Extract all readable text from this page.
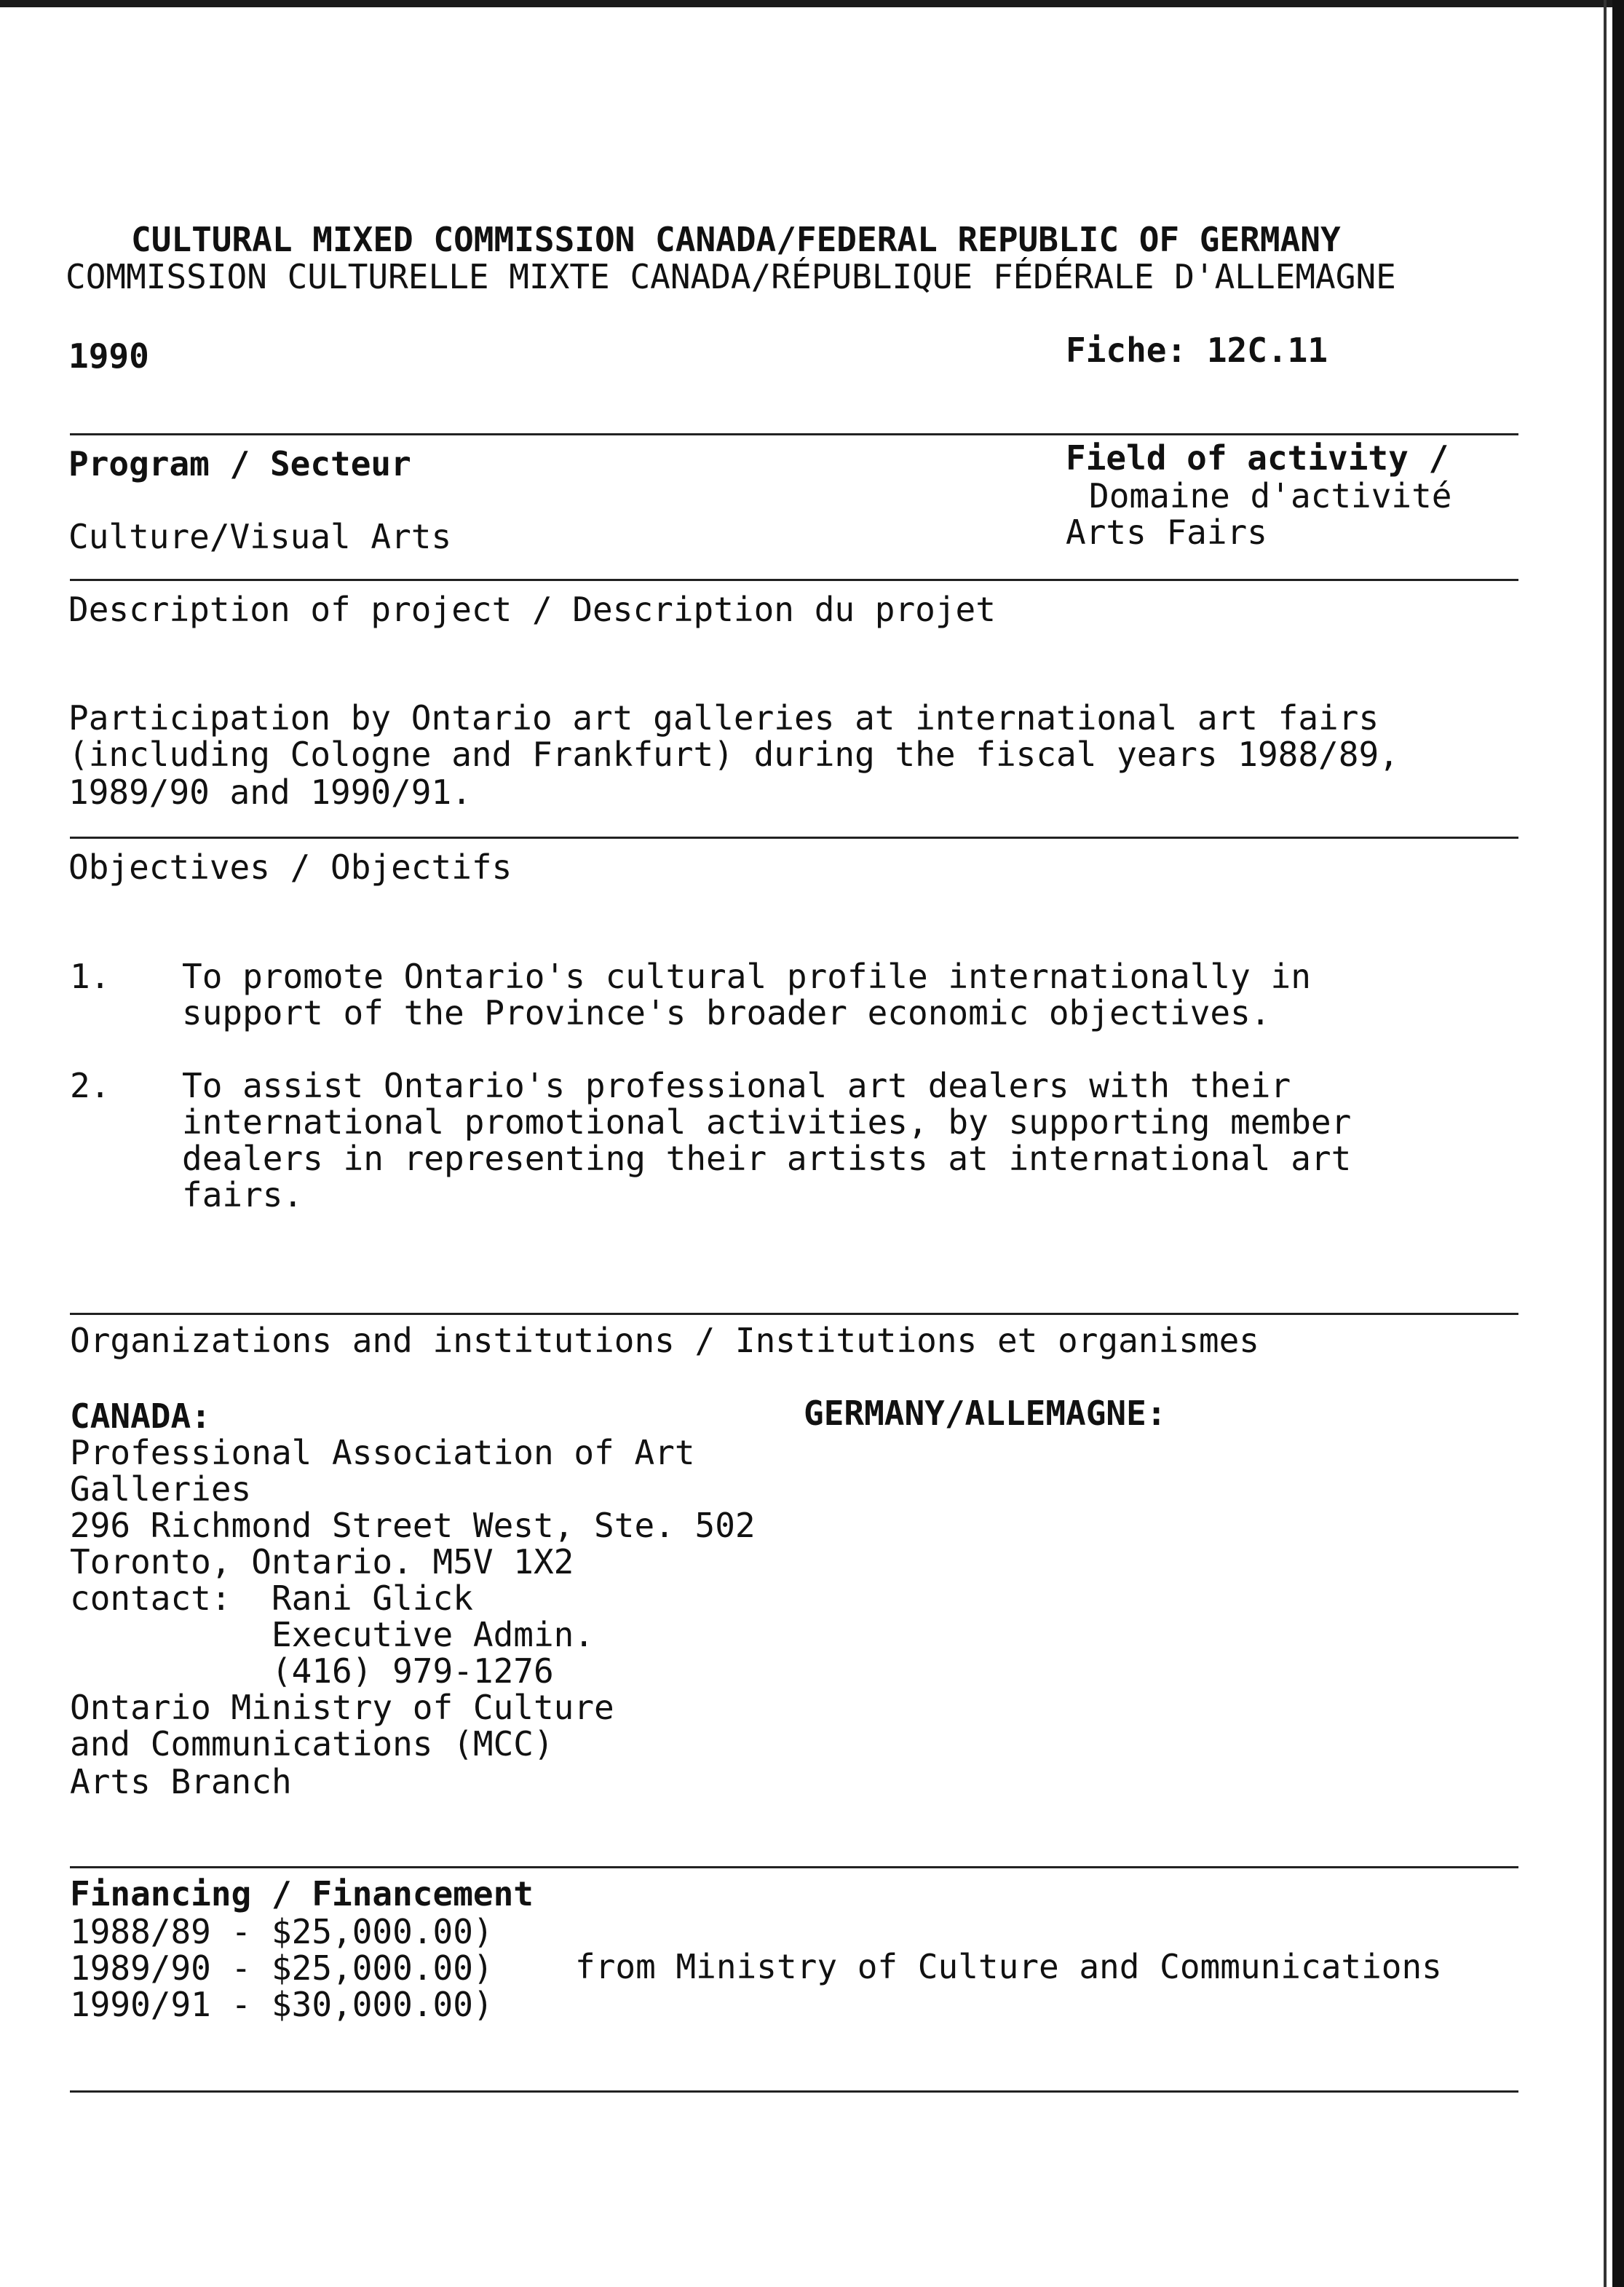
CULTURAL MIXED COMMISSION CANADA/FEDERAL REPUBLIC OF GERMANY
COMMISSION CULTURELLE MIXTE CANADA/RÉPUBLIQUE FÉDÉRALE D'ALLEMAGNE
1990	Fiche: 12C.11
Program / Secteur
Culture/Visual Arts
Field of activity /
Domaine d'activité
Arts Fairs
Description of project / Description du projet
Participation by Ontario art galleries at international art fairs
(including Cologne and Frankfurt) during the fiscal years 1988/89,
1989/90 and 1990/91.
Objectives / Objectifs
1. To promote Ontario's cultural profile internationally in
support of the Province's broader economic objectives.
2. To assist Ontario's professional art dealers with their
international promotional activities, by supporting member
dealers in representing their artists at international art
fairs.
Organizations and institutions / Institutions et organismes
CANADA:	GERMANY/ALLEMAGNE:
Professional Association of Art
Galleries
296 Richmond Street West, Ste. 502
Toronto, Ontario. M5V 1X2
contact:  Rani Glick
Executive Admin.
(416) 979-1276
Ontario Ministry of Culture
and Communications (MCC)
Arts Branch
Financing / Financement
1988/89 - $25,000.00)
1989/90 - $25,000.00)
1990/91 - $30,000.00)
from Ministry of Culture and Communications
